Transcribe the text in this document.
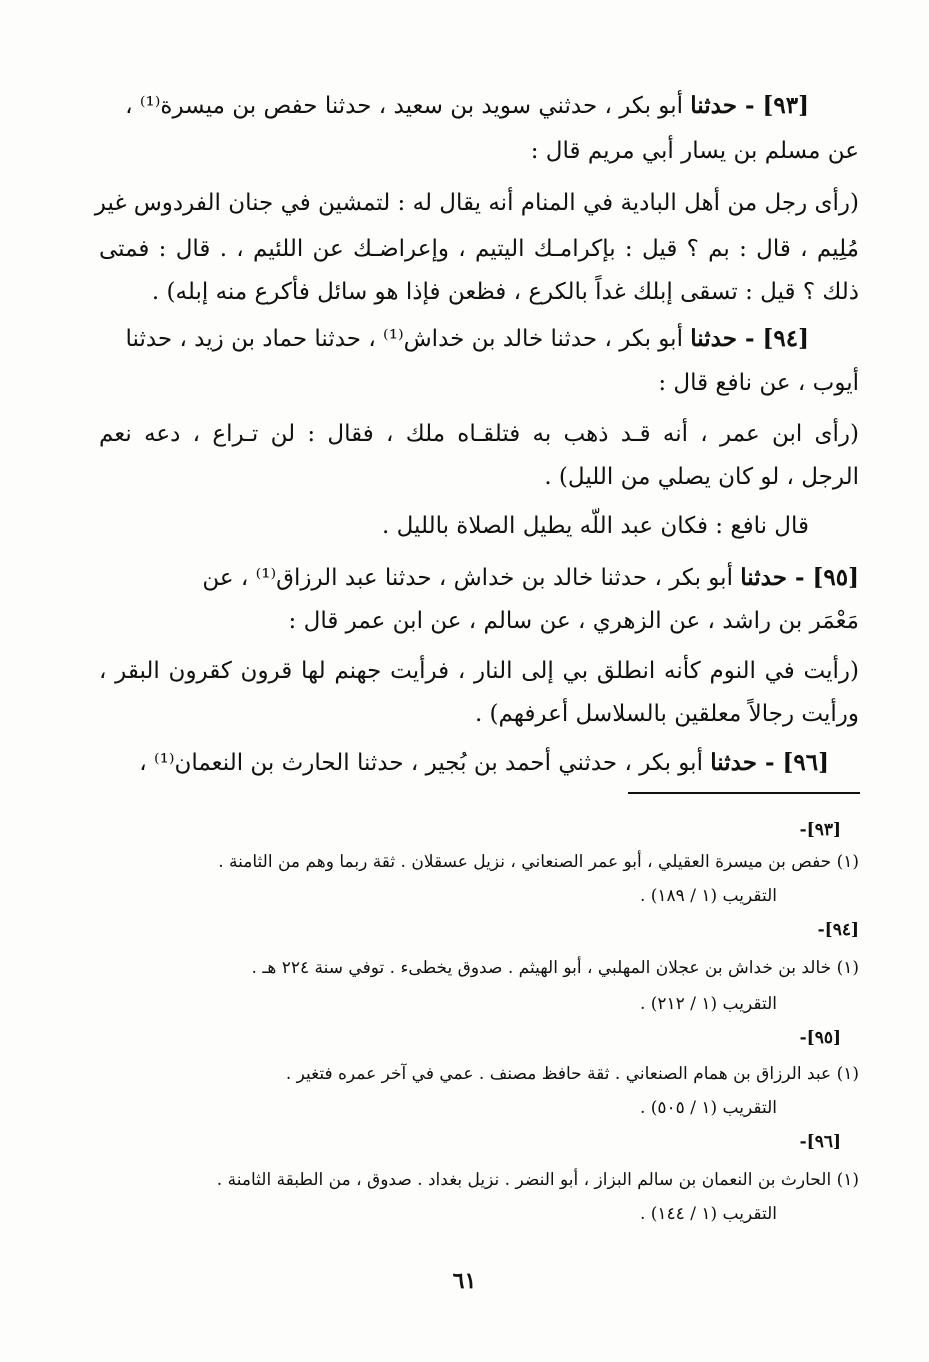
[٩٣] - حدثنا أبو بكر ، حدثني سويد بن سعيد ، حدثنا حفص بن ميسرة⁽¹⁾ ،
عن مسلم بن يسار أبي مريم قال :
(رأى رجل من أهل البادية في المنام أنه يقال له : لتمشين في جنان الفردوس غير
مُلِيم ، قال : بم ؟ قيل : بإكرامـك اليتيم ، وإعراضـك عن اللئيم ، . قال : فمتى
ذلك ؟ قيل : تسقى إبلك غداً بالكرع ، فظعن فإذا هو سائل فأكرع منه إبله) .
[٩٤] - حدثنا أبو بكر ، حدثنا خالد بن خداش⁽¹⁾ ، حدثنا حماد بن زيد ، حدثنا
أيوب ، عن نافع قال :
(رأى ابن عمر ، أنه قـد ذهب به فتلقـاه ملك ، فقال : لن تـراع ، دعه نعم
الرجل ، لو كان يصلي من الليل) .
قال نافع : فكان عبد اللّه يطيل الصلاة بالليل .
[٩٥] - حدثنا أبو بكر ، حدثنا خالد بن خداش ، حدثنا عبد الرزاق⁽¹⁾ ، عن
مَعْمَر بن راشد ، عن الزهري ، عن سالم ، عن ابن عمر قال :
(رأيت في النوم كأنه انطلق بي إلى النار ، فرأيت جهنم لها قرون كقرون البقر ،
ورأيت رجالاً معلقين بالسلاسل أعرفهم) .
[٩٦] - حدثنا أبو بكر ، حدثني أحمد بن بُجير ، حدثنا الحارث بن النعمان⁽¹⁾ ،
-[٩٣]
(١) حفص بن ميسرة العقيلي ، أبو عمر الصنعاني ، نزيل عسقلان . ثقة ربما وهم من الثامنة .
التقريب (١ / ١٨٩) .
-[٩٤]
(١) خالد بن خداش بن عجلان المهلبي ، أبو الهيثم . صدوق يخطىء . توفي سنة ٢٢٤ هـ .
التقريب (١ / ٢١٢) .
-[٩٥]
(١) عبد الرزاق بن همام الصنعاني . ثقة حافظ مصنف . عمي في آخر عمره فتغير .
التقريب (١ / ٥٠٥) .
-[٩٦]
(١) الحارث بن النعمان بن سالم البزاز ، أبو النضر . نزيل بغداد . صدوق ، من الطبقة الثامنة .
التقريب (١ / ١٤٤) .
٦١
